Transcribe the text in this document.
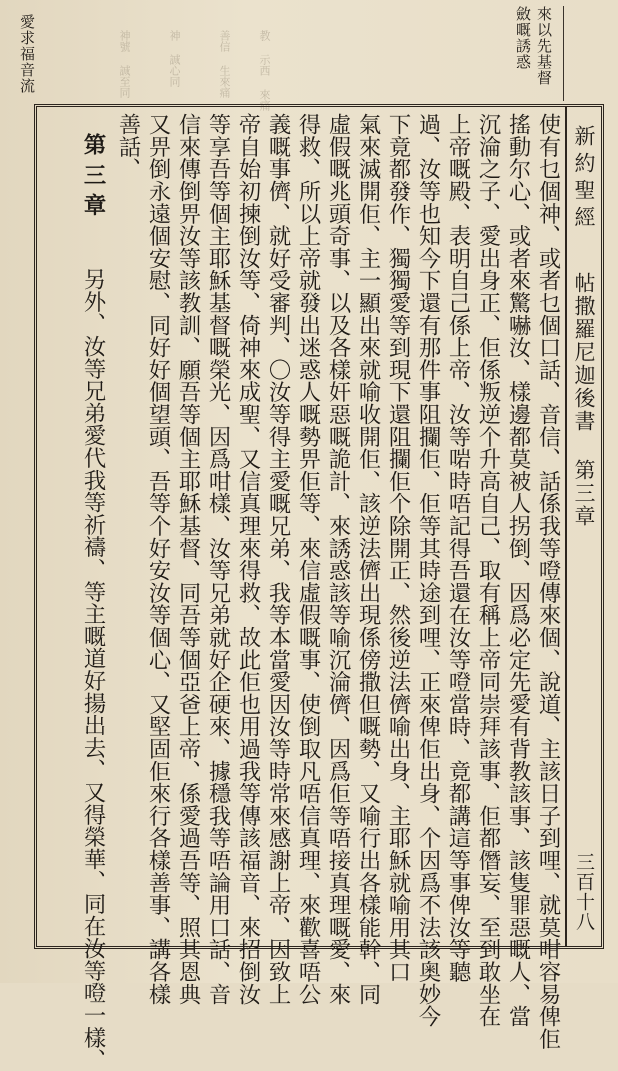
愛求福音流	神號 誠至同	神 誠心同	善信 生來痛 教 示西 來痛	斂嘅誘惑 來以先基督
新約聖經
帖撒羅尼迦後書 第三章
三百十八
使有乜個神、或者乜個口話、音信、話係我等噔傳來個、說道、主該日子到哩、就莫咁容易俾佢
搖動尔心、或者來驚嚇汝、樣邊都莫被人拐倒、因爲必定先愛有背教該事、該隻罪惡嘅人、當
沉淪之子、愛出身正、佢係叛逆个升高自己、取有稱上帝同崇拜該事、佢都僭妄、至到敢坐在
上帝嘅殿、表明自己係上帝、汝等啱時唔記得吾還在汝等噔當時、竟都講這等事俾汝等聽
過、汝等也知今下還有那件事阻攔佢、佢等其時途到哩、正來俾佢出身、个因爲不法該奥妙今
下竟都發作、獨獨愛等到現下還阻攔佢个除開正、然後逆法儕喻出身、主耶穌就喻用其口
氣來滅開佢、主一顯出來就喻收開佢、該逆法儕出現係傍撒但嘅勢、又喻行出各樣能幹、同
虛假嘅兆頭奇事、以及各樣奸惡嘅詭計、來誘惑該等喻沉淪儕、因爲佢等唔接真理嘅愛、來
得救、所以上帝就發出迷惑人嘅勢畀佢等、來信虛假嘅事、使倒取凡唔信真理、來歡喜唔公
義嘅事儕、就好受審判、〇汝等得主愛嘅兄弟、我等本當愛因汝等時常來感謝上帝、因致上
帝自始初揀倒汝等、倚神來成聖、又信真理來得救、故此佢也用過我等傳該福音、來招倒汝
等享吾等個主耶穌基督嘅榮光、因爲咁樣、汝等兄弟就好企硬來、據穩我等唔論用口話、音
信來傳倒畀汝等該教訓、願吾等個主耶穌基督、同吾等個亞爸上帝、係愛過吾等、照其恩典
又畀倒永遠個安慰、同好好個望頭、吾等个好安汝等個心、又堅固佢來行各樣善事、講各樣
善話、
第三章
另外、汝等兄弟愛代我等祈禱、等主嘅道好揚出去、又得榮華、同在汝等噔一樣、
